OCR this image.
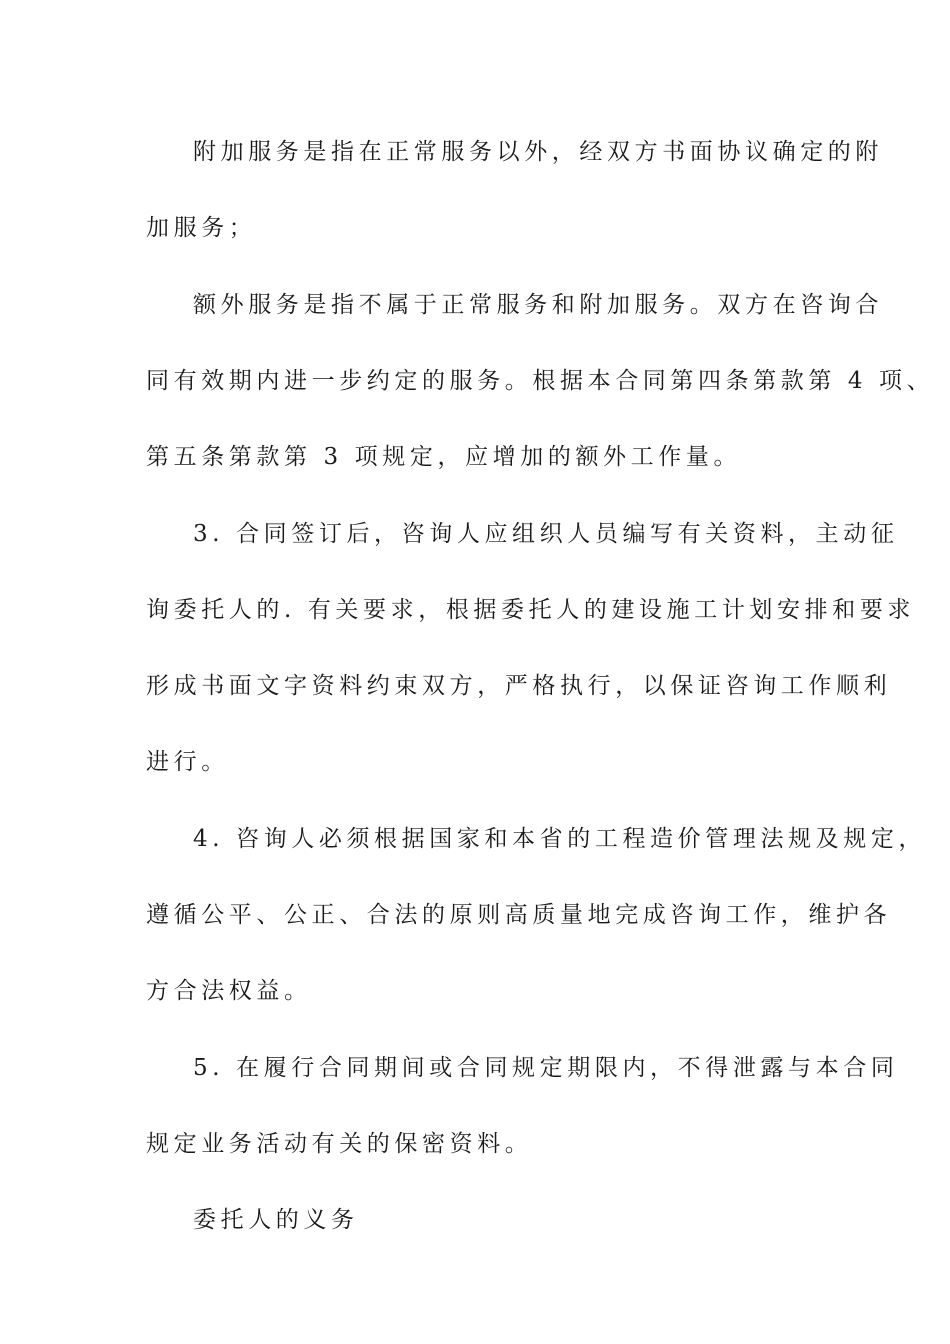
附加服务是指在正常服务以外，经双方书面协议确定的附
加服务；
额外服务是指不属于正常服务和附加服务。双方在咨询合
同有效期内进一步约定的服务。根据本合同第四条第款第 4 项、
第五条第款第 3 项规定，应增加的额外工作量。
3. 合同签订后，咨询人应组织人员编写有关资料，主动征
询委托人的. 有关要求，根据委托人的建设施工计划安排和要求
形成书面文字资料约束双方，严格执行，以保证咨询工作顺利
进行。
4. 咨询人必须根据国家和本省的工程造价管理法规及规定，
遵循公平、公正、合法的原则高质量地完成咨询工作，维护各
方合法权益。
5. 在履行合同期间或合同规定期限内，不得泄露与本合同
规定业务活动有关的保密资料。
委托人的义务
